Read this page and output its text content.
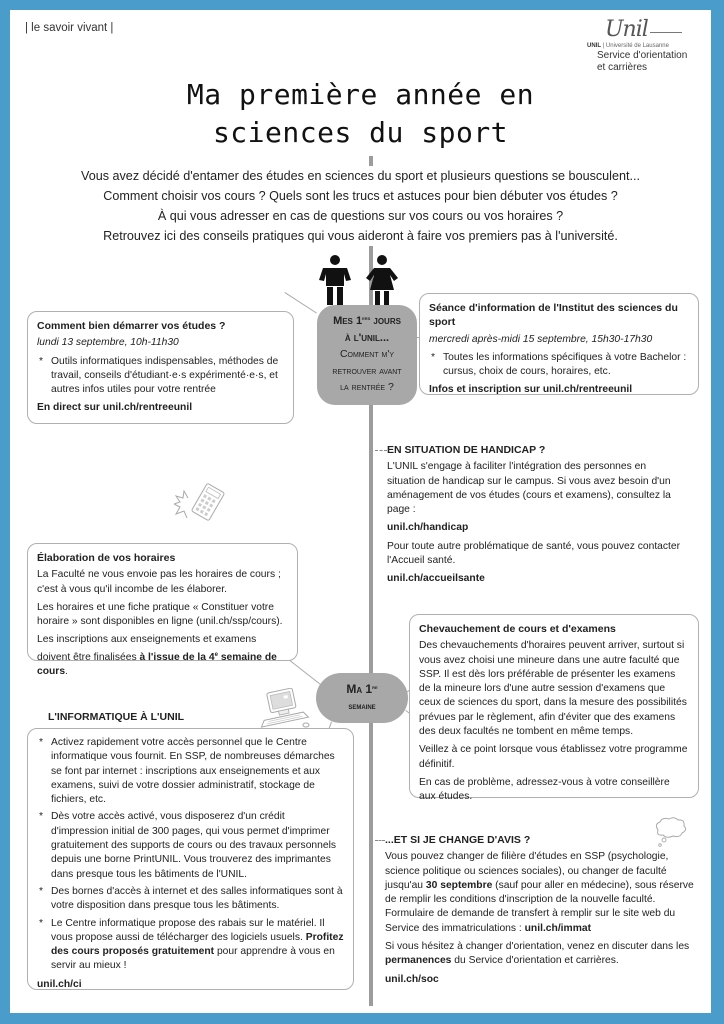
| le savoir vivant |	Unil
UNIL | Université de Lausanne
Service d'orientation
et carrières
Ma première année en
sciences du sport
Vous avez décidé d'entamer des études en sciences du sport et plusieurs questions se bousculent...
Comment choisir vos cours ? Quels sont les trucs et astuces pour bien débuter vos études ?
À qui vous adresser en cas de questions sur vos cours ou vos horaires ?
Retrouvez ici des conseils pratiques qui vous aideront à faire vos premiers pas à l'université.
Mes 1ers jours
à l'unil...
Comment m'y
retrouver avant
la rentrée ?
Comment bien démarrer vos études ?

lundi 13 septembre, 10h-11h30

* Outils informatiques indispensables, méthodes de travail, conseils d'étudiant·e·s expérimenté·e·s, et autres infos utiles pour votre rentrée
En direct sur unil.ch/rentreeunil
Séance d'information de l'Institut des sciences du sport

mercredi après-midi 15 septembre, 15h30-17h30

* Toutes les informations spécifiques à votre Bachelor : cursus, choix de cours, horaires, etc.
Infos et inscription sur unil.ch/rentreeunil
EN SITUATION DE HANDICAP ?

L'UNIL s'engage à faciliter l'intégration des personnes en situation de handicap sur le campus. Si vous avez besoin d'un aménagement de vos études (cours et examens), consultez la page :

unil.ch/handicap

Pour toute autre problématique de santé, vous pouvez contacter l'Accueil santé.

unil.ch/accueilsante

Élaboration de vos horaires

La Faculté ne vous envoie pas les horaires de cours ; c'est à vous qu'il incombe de les élaborer.

Les horaires et une fiche pratique « Constituer votre horaire » sont disponibles en ligne (unil.ch/ssp/cours).

Les inscriptions aux enseignements et examens doivent être finalisées à l'issue de la 4e semaine de cours.

Chevauchement de cours et d'examens

Des chevauchements d'horaires peuvent arriver, surtout si vous avez choisi une mineure dans une autre faculté que SSP. Il est dès lors préférable de présenter les examens de la mineure lors d'une autre session d'examens que ceux de sciences du sport, dans la mesure des possibilités prévues par le règlement, afin d'éviter que des examens des deux facultés ne tombent en même temps.

Veillez à ce point lorsque vous établissez votre programme définitif.

En cas de problème, adressez-vous à votre conseillère aux études.

Ma 1re
semaine
L'INFORMATIQUE À L'UNIL
* Activez rapidement votre accès personnel que le Centre informatique vous fournit. En SSP, de nombreuses démarches se font par internet : inscriptions aux enseignements et aux examens, suivi de votre dossier administratif, stockage de fichiers, etc.
* Dès votre accès activé, vous disposerez d'un crédit d'impression initial de 300 pages, qui vous permet d'imprimer gratuitement des supports de cours ou des travaux personnels depuis une borne PrintUNIL. Vous trouverez des imprimantes dans presque tous les bâtiments de l'UNIL.
* Des bornes d'accès à internet et des salles informatiques sont à votre disposition dans presque tous les bâtiments.
* Le Centre informatique propose des rabais sur le matériel. Il vous propose aussi de télécharger des logiciels usuels. Profitez des cours proposés gratuitement pour apprendre à vous en servir au mieux !
unil.ch/ci
...ET SI JE CHANGE D'AVIS ?

Vous pouvez changer de filière d'études en SSP (psychologie, science politique ou sciences sociales), ou changer de faculté jusqu'au 30 septembre (sauf pour aller en médecine), sous réserve de remplir les conditions d'inscription de la nouvelle faculté. Formulaire de demande de transfert à remplir sur le site web du Service des immatriculations : unil.ch/immat

Si vous hésitez à changer d'orientation, venez en discuter dans les permanences du Service d'orientation et carrières.

unil.ch/soc
